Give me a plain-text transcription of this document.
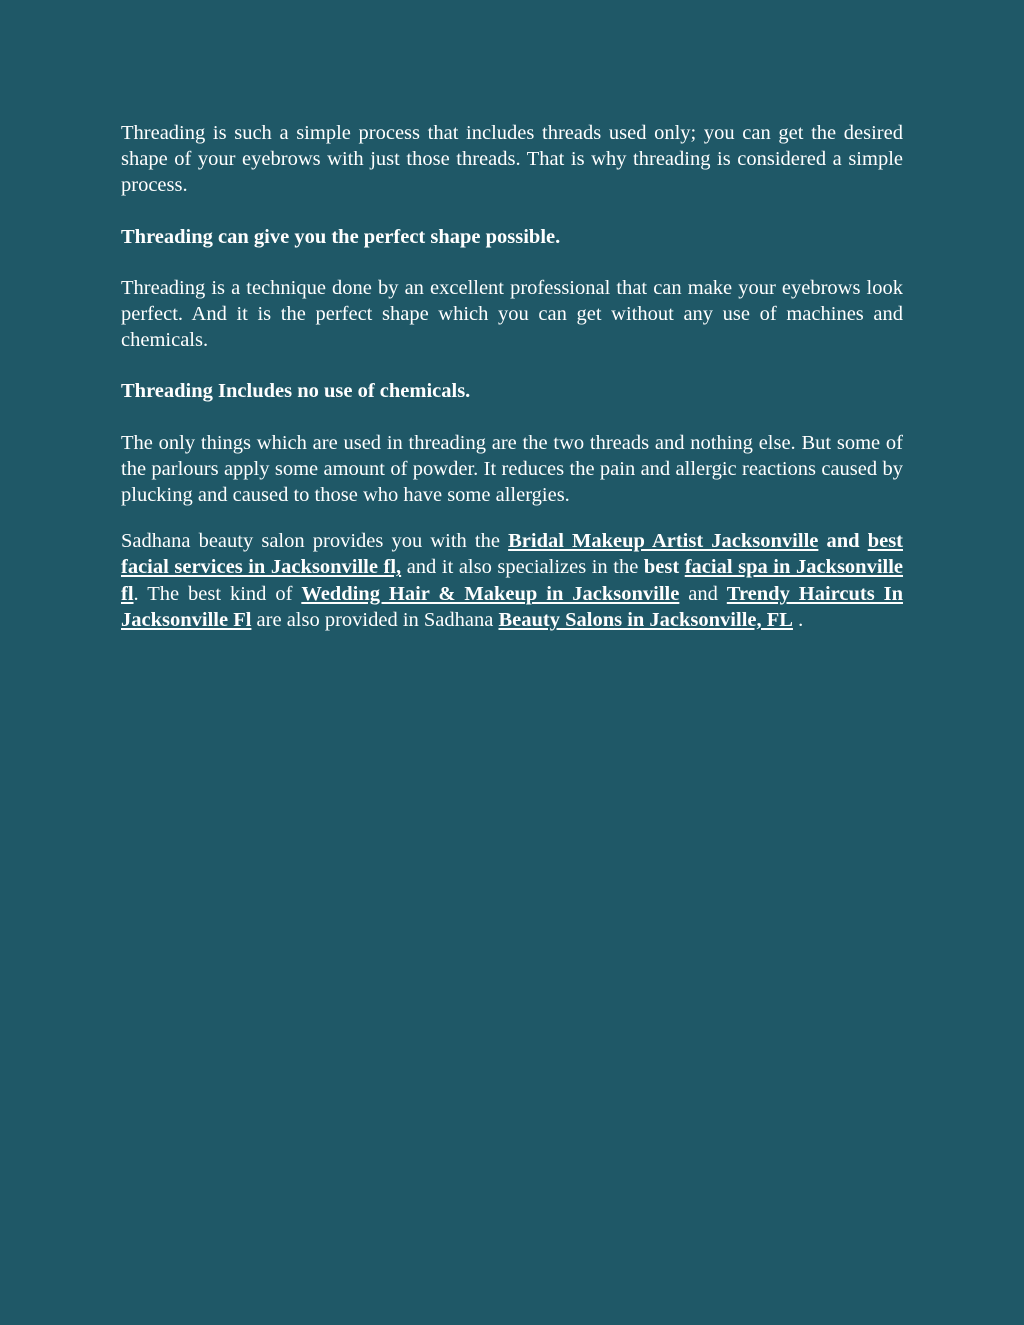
Threading is such a simple process that includes threads used only; you can get the desired shape of your eyebrows with just those threads. That is why threading is considered a simple process.

Threading can give you the perfect shape possible.

Threading is a technique done by an excellent professional that can make your eyebrows look perfect. And it is the perfect shape which you can get without any use of machines and chemicals.

Threading Includes no use of chemicals.

The only things which are used in threading are the two threads and nothing else. But some of the parlours apply some amount of powder. It reduces the pain and allergic reactions caused by plucking and caused to those who have some allergies.

Sadhana beauty salon provides you with the Bridal Makeup Artist Jacksonville and best facial services in Jacksonville fl, and it also specializes in the best facial spa in Jacksonville fl. The best kind of Wedding Hair & Makeup in Jacksonville and Trendy Haircuts In Jacksonville Fl are also provided in Sadhana Beauty Salons in Jacksonville, FL .
